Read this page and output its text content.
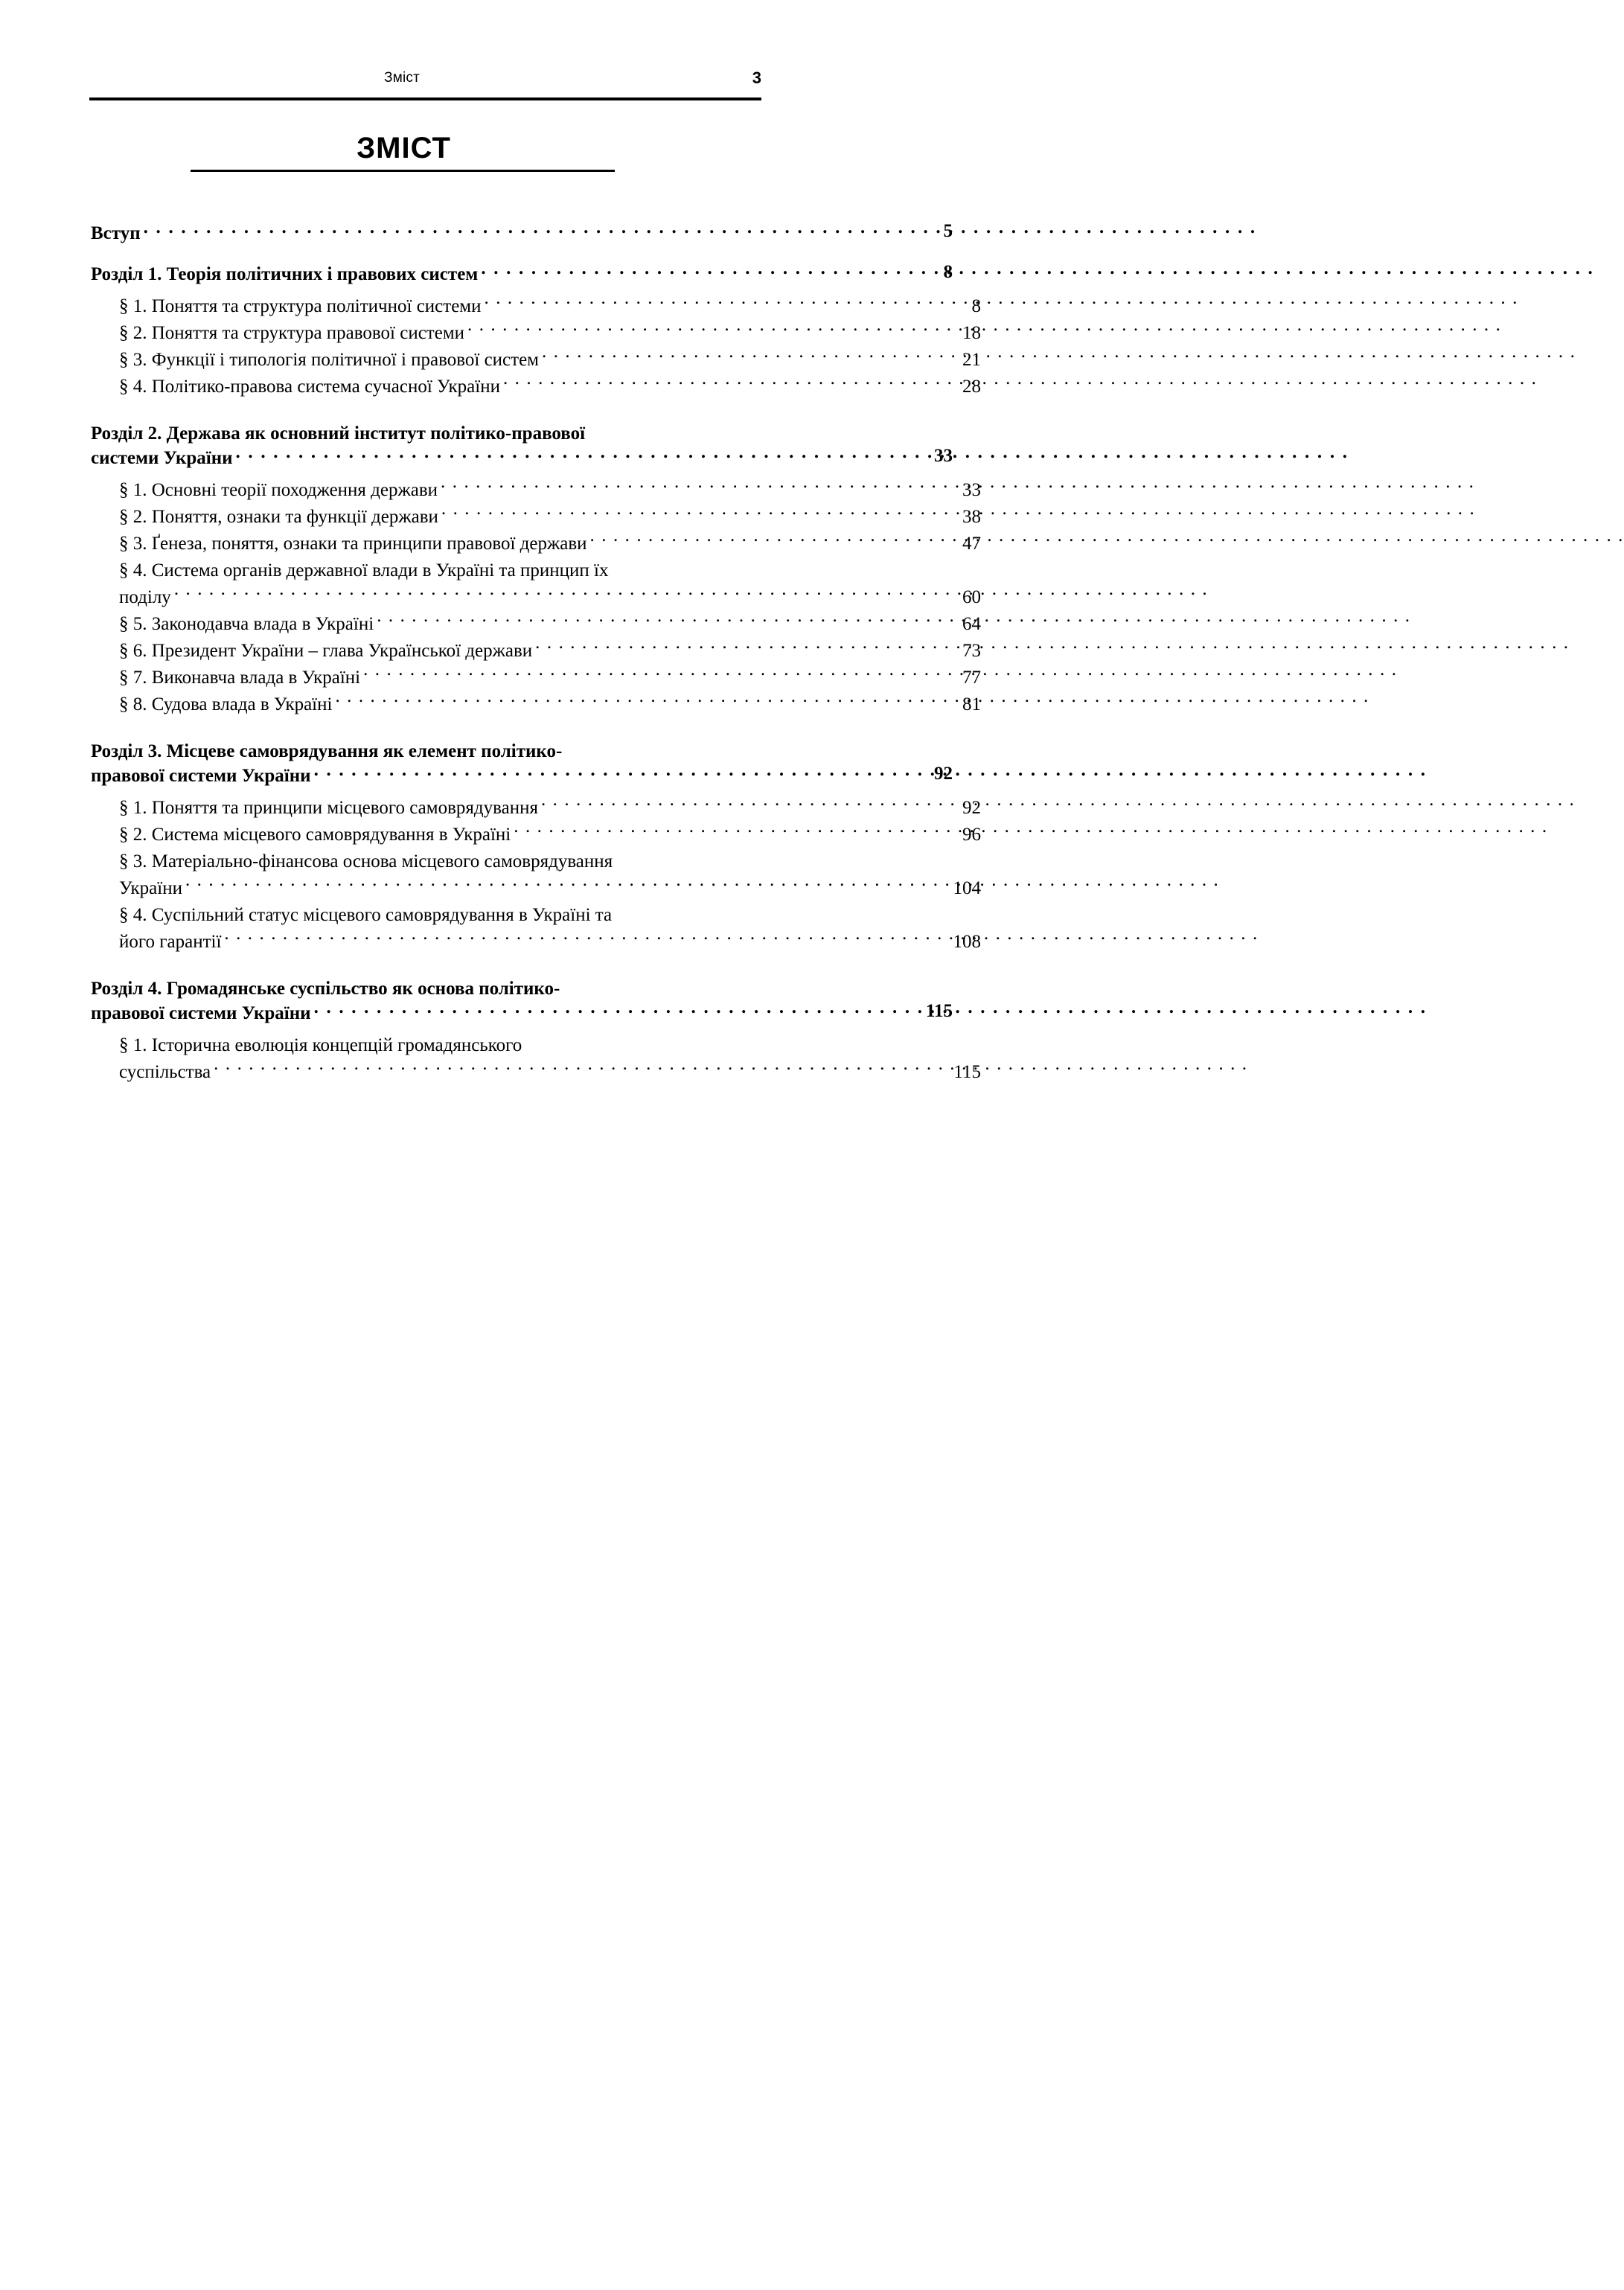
Зміст	3
ЗМІСТ
Вступ . . .	5
Розділ 1. Теорія політичних і правових систем . . .	8
§ 1. Поняття та структура політичної системи . . .	8
§ 2. Поняття та структура правової системи . . .	18
§ 3. Функції і типологія політичної і правової систем . . .	21
§ 4. Політико-правова система сучасної України . . .	28
Розділ 2. Держава як основний інститут політико-правової
системи України . . .	33
§ 1. Основні теорії походження держави . . .	33
§ 2. Поняття, ознаки та функції держави . . .	38
§ 3. Ґенеза, поняття, ознаки та принципи правової держави . . .	47
§ 4. Система органів державної влади в Україні та принцип їх
поділу . . .	60
§ 5. Законодавча влада в Україні . . .	64
§ 6. Президент України – глава Української держави . . .	73
§ 7. Виконавча влада в Україні . . .	77
§ 8. Судова влада в Україні . . .	81
Розділ 3. Місцеве самоврядування як елемент політико-
правової системи України . . .	92
§ 1. Поняття та принципи місцевого самоврядування . . .	92
§ 2. Система місцевого самоврядування в Україні . . .	96
§ 3. Матеріально-фінансова основа місцевого самоврядування
України . . .	104
§ 4. Суспільний статус місцевого самоврядування в Україні та
його гарантії . . .	108
Розділ 4. Громадянське суспільство як основа політико-
правової системи України . . .	115
§ 1. Історична еволюція концепцій громадянського
суспільства . . .	115
